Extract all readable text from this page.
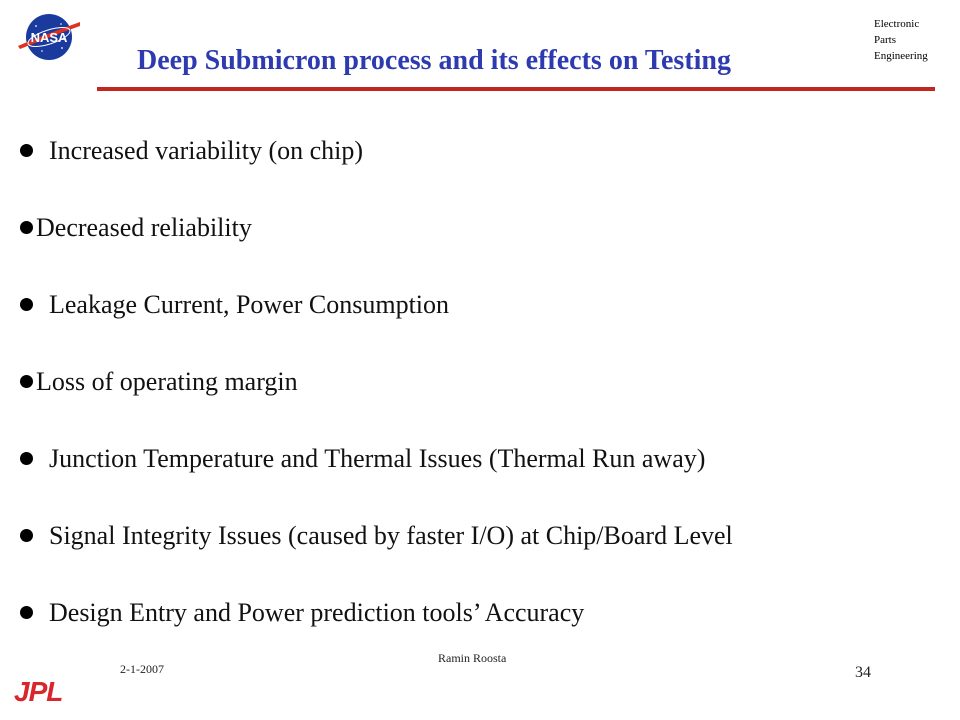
NASA
Deep Submicron process and its effects on Testing
Electronic
Parts
Engineering
Increased variability (on chip)
Decreased reliability
Leakage Current, Power Consumption
Loss of operating margin
Junction Temperature and Thermal Issues (Thermal Run away)
Signal Integrity Issues (caused by faster I/O) at Chip/Board Level
Design Entry and Power prediction tools’ Accuracy
2-1-2007
Ramin Roosta
34
JPL
